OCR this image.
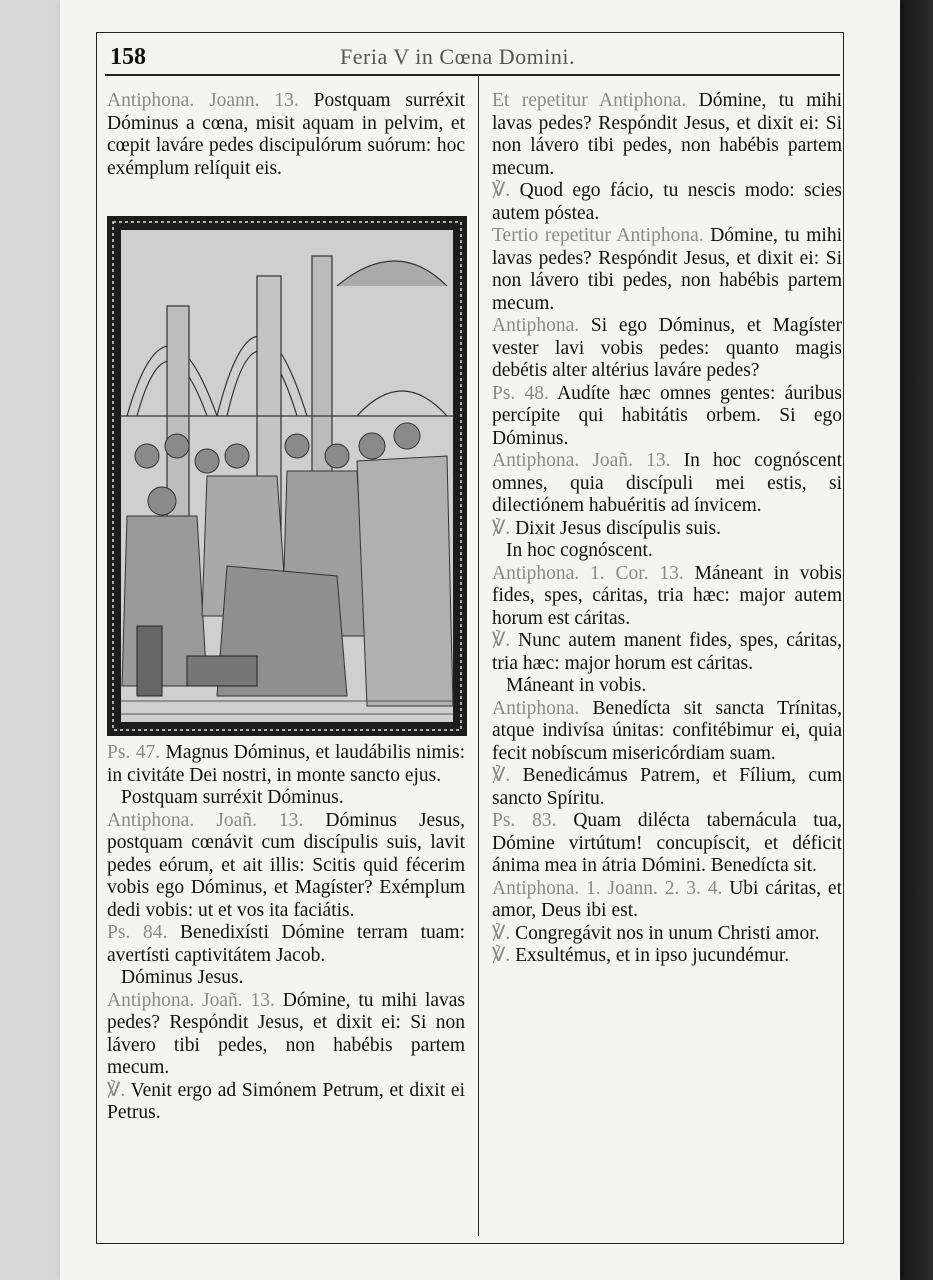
158	Feria V in Cœna Domini.

Antiphona. Joann. 13. Postquam surréxit Dóminus a cœna, misit aquam in pelvim, et cœpit laváre pedes discipulórum suórum: hoc exémplum relíquit eis.

Ps. 47. Magnus Dóminus, et laudábilis nimis: in civitáte Dei nostri, in monte sancto ejus.

Postquam surréxit Dóminus.

Antiphona. Joañ. 13. Dóminus Jesus, postquam cœnávit cum discípulis suis, lavit pedes eórum, et ait illis: Scitis quid fécerim vobis ego Dóminus, et Magíster? Exémplum dedi vobis: ut et vos ita faciátis.

Ps. 84. Benedixísti Dómine terram tuam: avertísti captivitátem Jacob.

Dóminus Jesus.

Antiphona. Joañ. 13. Dómine, tu mihi lavas pedes? Respóndit Jesus, et dixit ei: Si non lávero tibi pedes, non habébis partem mecum.

℣. Venit ergo ad Simónem Petrum, et dixit ei Petrus.

Et repetitur Antiphona. Dómine, tu mihi lavas pedes? Respóndit Jesus, et dixit ei: Si non lávero tibi pedes, non habébis partem mecum.

℣. Quod ego fácio, tu nescis modo: scies autem póstea.

Tertio repetitur Antiphona. Dómine, tu mihi lavas pedes? Respóndit Jesus, et dixit ei: Si non lávero tibi pedes, non habébis partem mecum.

Antiphona. Si ego Dóminus, et Magíster vester lavi vobis pedes: quanto magis debétis alter altérius laváre pedes?

Ps. 48. Audíte hæc omnes gentes: áuribus percípite qui habitátis orbem. Si ego Dóminus.

Antiphona. Joañ. 13. In hoc cognóscent omnes, quia discípuli mei estis, si dilectiónem habuéritis ad ínvicem.

℣. Dixit Jesus discípulis suis.

In hoc cognóscent.

Antiphona. 1. Cor. 13. Máneant in vobis fides, spes, cáritas, tria hæc: major autem horum est cáritas.

℣. Nunc autem manent fides, spes, cáritas, tria hæc: major horum est cáritas.

Máneant in vobis.

Antiphona. Benedícta sit sancta Trínitas, atque indivísa únitas: confitébimur ei, quia fecit nobíscum misericórdiam suam.

℣. Benedicámus Patrem, et Fílium, cum sancto Spíritu.

Ps. 83. Quam dilécta tabernácula tua, Dómine virtútum! concupíscit, et déficit ánima mea in átria Dómini. Benedícta sit.

Antiphona. 1. Joann. 2. 3. 4. Ubi cáritas, et amor, Deus ibi est.

℣. Congregávit nos in unum Christi amor.

℣. Exsultémus, et in ipso jucundémur.
